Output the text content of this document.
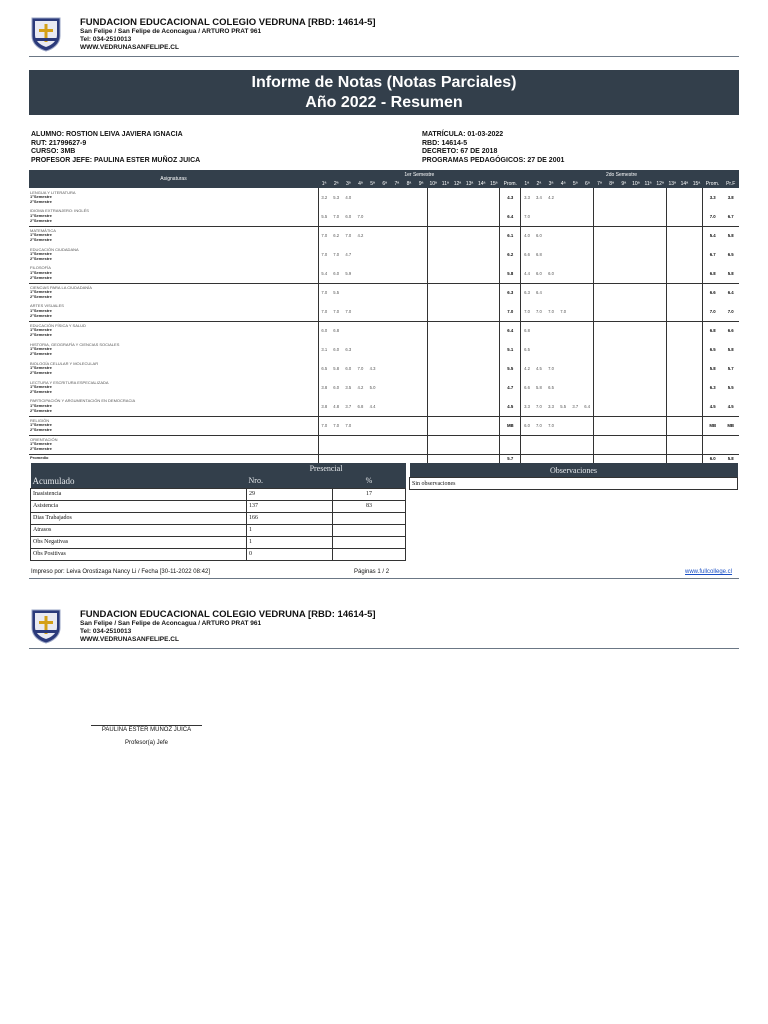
FUNDACION EDUCACIONAL COLEGIO VEDRUNA [RBD: 14614-5]
San Felipe / San Felipe de Aconcagua / ARTURO PRAT 961
Tel: 034-2510013
WWW.VEDRUNASANFELIPE.CL
Informe de Notas (Notas Parciales)
Año 2022 - Resumen
ALUMNO: ROSTION LEIVA JAVIERA IGNACIA
RUT: 21799627-9
CURSO: 3MB
PROFESOR JEFE: PAULINA ESTER MUÑOZ JUICA
MATRÍCULA: 01-03-2022
RBD: 14614-5
DECRETO: 67 DE 2018
PROGRAMAS PEDAGÓGICOS: 27 DE 2001
Asignaturas	1er Semestre																2do Semestre																
	1ª	2ª	3ª	4ª	5ª	6ª	7ª	8ª	9ª	10ª	11ª	12ª	13ª	14ª	15ª	Prom.	1ª	2ª	3ª	4ª	5ª	6ª	7ª	8ª	9ª	10ª	11ª	12ª	13ª	14ª	15ª	Prom.	Pr.F

LENGUA Y LITERATURA
1°Semestre
2°Semestre	3.2	5.3	4.0													4.3	3.3	3.4	4.2													3.3	3.8

IDIOMA EXTRANJERO: INGLÉS
1°Semestre
2°Semestre	5.5	7.0	6.0	7.0												6.4	7.0															7.0	6.7

MATEMÁTICA
1°Semestre
2°Semestre	7.0	6.2	7.0	4.2												6.1	4.0	6.0														5.4	5.8

EDUCACIÓN CIUDADANA
1°Semestre
2°Semestre	7.0	7.0	4.7													6.2	6.6	6.8														6.7	6.5

FILOSOFÍA
1°Semestre
2°Semestre	5.4	6.0	5.9													5.8	4.4	6.0	6.0													6.8	5.8

CIENCIAS PARA LA CIUDADANÍA
1°Semestre
2°Semestre	7.0	5.5														6.3	6.3	6.4														6.6	6.4

ARTES VISUALES
1°Semestre
2°Semestre	7.0	7.0	7.0													7.0	7.0	7.0	7.0	7.0												7.0	7.0

EDUCACIÓN FÍSICA Y SALUD
1°Semestre
2°Semestre	6.0	6.8														6.4	6.8															6.8	6.6

HISTORIA, GEOGRAFÍA Y CIENCIAS SOCIALES
1°Semestre
2°Semestre	3.1	6.0	6.3													5.1	6.5															6.5	5.8

BIOLOGÍA CELULAR Y MOLECULAR
1°Semestre
2°Semestre	6.5	5.8	6.0	7.0	4.3											5.5	4.2	4.5	7.0													5.8	5.7

LECTURA Y ESCRITURA ESPECIALIZADA
1°Semestre
2°Semestre	3.8	6.0	3.5	4.2	5.0											4.7	6.6	5.8	6.5													6.3	5.5

PARTICIPACIÓN Y ARGUMENTACIÓN EN DEMOCRACIA
1°Semestre
2°Semestre	3.8	4.8	3.7	6.8	4.4											4.5	3.3	7.0	3.3	5.5	3.7	6.4										4.5	4.5

RELIGIÓN
1°Semestre
2°Semestre	7.0	7.0	7.0													MB	6.0	7.0	7.0													MB	MB

ORIENTACIÓN
1°Semestre
2°Semestre																																	

Promedio																5.7																6.0	5.8
	Presencial	
Acumulado	Nro.	%
Inasistencia	29	17
Asistencia	137	83
Dias Trabajados	166	
Atrasos	1	
Obs Negativas	1	
Obs Positivas	0	
Observaciones
Sin observaciones
Impreso por: Leiva Orostizaga Nancy Li / Fecha [30-11-2022 08:42]	Páginas 1 / 2	www.fullcollege.cl
FUNDACION EDUCACIONAL COLEGIO VEDRUNA [RBD: 14614-5]
San Felipe / San Felipe de Aconcagua / ARTURO PRAT 961
Tel: 034-2510013
WWW.VEDRUNASANFELIPE.CL
PAULINA ESTER MUÑOZ JUICA
Profesor(a) Jefe
